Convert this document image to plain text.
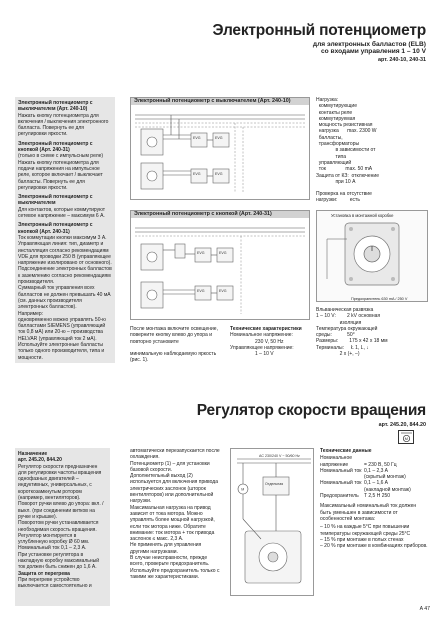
Электронный потенциометр
для электронных балластов (ELB)
со входами управления 1 – 10 V
арт. 240-10, 240-31

Электронный потенциометр с выключателем (Арт. 240-10)

Нажать кнопку потенциометра для включения / выключения электронного балласта. Повернуть ее для регулировки яркости.

Электронный потенциометр с кнопкой (Арт. 240-31)

(только в схеме с импульсным реле) Нажать кнопку потенциометра для подачи напряжения на импульсное реле, которое включает / выключает балласты. Повернуть ее для регулировки яркости.

Электронный потенциометр с выключателем

Для контактов, которые коммутируют сетевое напряжение – максимум 6 А.

Электронный потенциометр с кнопкой (Арт. 240-31)

Ток коммутации кнопки максимум 3 А.
Управляющая линия: тип, диаметр и инсталляция согласно рекомендациям VDE для проводки 250 В (управляющее напряжение изолировано от основного).
Подсоединение электронных балластов к заземлению согласно рекомендациям производителя.
Суммарный ток управления всех балластов не должен превышать 40 мА (см. данных производителя электронных балластов).
Например:
одновременно можно управлять 50-ю балластами SIEMENS (управляющий ток 0,8 мА) или 20-ю – производства HELVAR (управляющий ток 2 мА).
Используйте электронные балласты только одного производителя, типа и мощности.

Электронный потенциометр с выключателем (Арт. 240-10)
EVG	EVG
EVG	EVG
Электронный потенциометр с кнопкой (Арт. 240-31)
EVG	EVG
EVG	EVG

Нагрузка:

коммутирующие

контакты реле

коммутируемая

мощность резистивная

нагрузка      max. 2300 W

балласты,

трансформаторы

в зависимости от

типа

управляющий

ток              max. 50 mA

Защита от КЗ:  отключение

при 10 А

Проверка на отсутствие

нагрузки:         есть

Установка в монтажной коробке
Предохранитель 630 mA / 250 V

Вльваническая развязка

1 – 10 V:        2 kV основная

изоляция

Температура окружающей

среды:           50°

Размеры:        175 x 42 x 18 мм

Терминалы:     Ł 1, L, ↓

2 x (+, –)

После монтажа включите освещение, поверните кнопку влево до упора и повторно установите

минимальную наблюдаемую яркость (рис. 1).

Технические характеристики

Номинальное напряжение:

230 V, 50 Hz

Управляющее напряжение:

1 – 10 V

Регулятор скорости вращения
арт. 245.20, 844.20
M

Назначение

арт. 245.20, 844.20

Регулятор скорости предназначен для регулировки частоты вращения однофазных двигателей – индуктивных, универсальных, с короткозамкнутым ротором (например, вентиляторов).
Поворот ручки влево до упора: вкл. / выкл. (при соединении витков на ручке и крышке).
Поворотом ручки устанавливается необходимая скорость вращения. Регулятор монтируется в углубленную коробку Ø 60 мм.
Номинальный ток 0,1 – 2,3 А.
При установке регулятора в накладную коробку максимальный ток должен быть снижен до 1,6 А.

Защита от перегрева

При перегреве устройство выключается самостоятельно и

автоматически перезапускается после охлаждения.
Потенциометр (1) – для установки базовой скорости.
Дополнительный выход (2) используется для включения привода электрических заслонок (шторок вентиляторов) или дополнительной нагрузки.
Максимальная нагрузка на привод зависит от тока мотора. Можно управлять более мощной нагрузкой, если ток мотора ниже. Обратите внимание: ток мотора + ток привода заслонок ≤ макс. 2,3 А.
Не применять для управления другими нагрузками.
В случае неисправности, прежде всего, проверьте предохранитель. Используйте предохранитель только с такими же характеристиками.

AC 230/240 V ~ 50/60 Hz
M
Отдельная

Технические данные

Номинальное
напряжение	= 230 В, 50 Гц
Номинальный ток 0,1 – 2,3 A
(скрытый монтаж)
Номинальный ток 0,1 – 1,6 A
(накладной монтаж)
Предохранитель	T 2,5 H 250

Максимальный номинальный ток должен быть уменьшен в зависимости от особенностей монтажа:

– 10 % на каждые 5°C при повышении температуры окружающей среды 25°C

– 15 % при монтаже в полых стенах

– 20 % при монтаже в комбинациях приборов.

A 47
